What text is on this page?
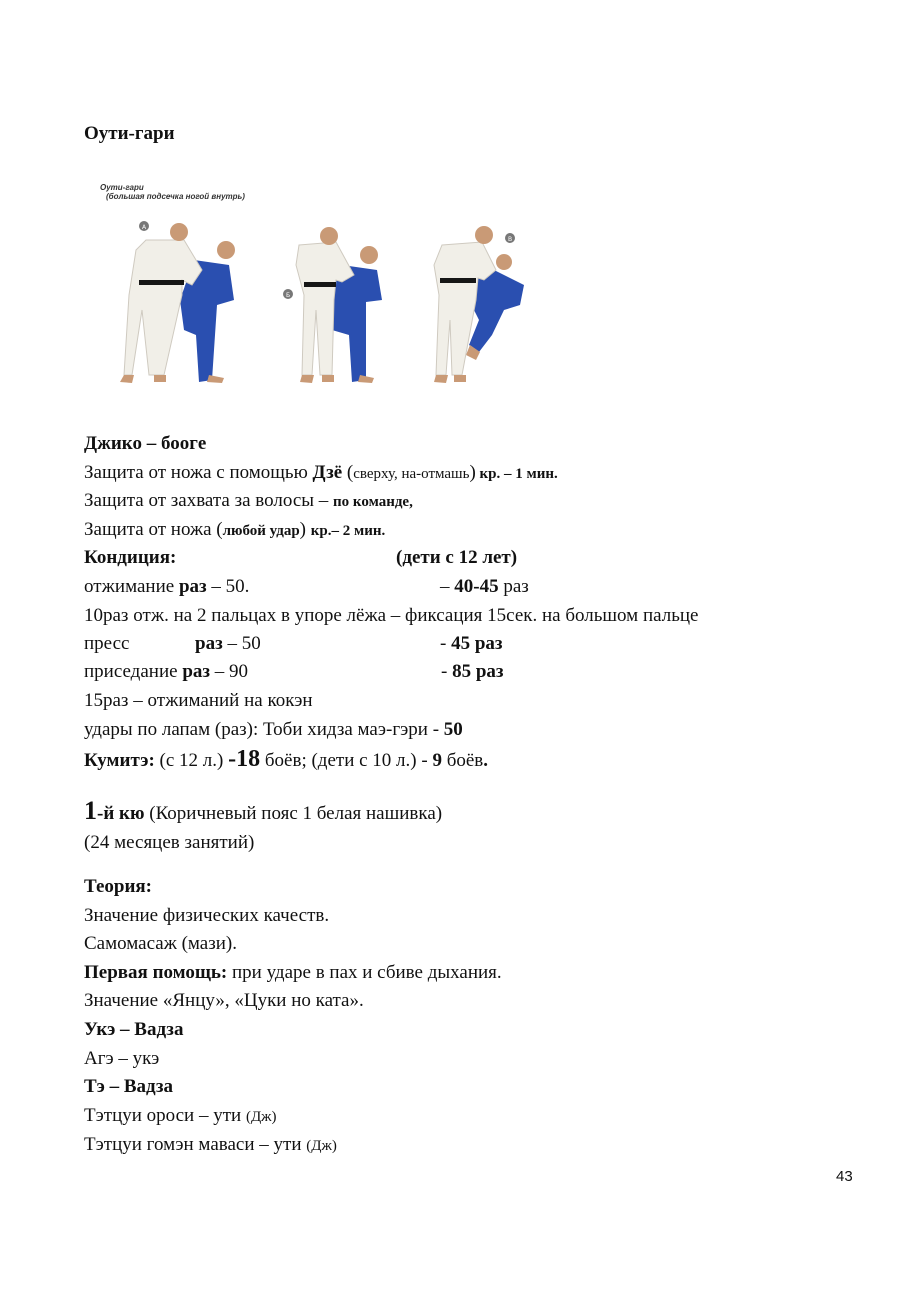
Оути-гари
Оути-гари
(большая подсечка ногой внутрь)
А
Б
В
Джико – боогe
Защита от ножа с помощью Дзё (сверху, на-отмашь) кр. – 1 мин.
Защита от захвата за волосы – по команде,
Защита от ножа (любой удар) кр.– 2 мин.
Кондиция:	(дети с 12 лет)
отжимание раз – 50.	– 40-45 раз
10раз отж. на 2 пальцах в упоре лёжа – фиксация 15сек. на большом пальце
пресс	раз – 50	- 45 раз
приседание раз – 90	- 85 раз
15раз – отжиманий на кокэн
удары по лапам (раз): Тоби хидза маэ-гэри - 50
Кумитэ: (с 12 л.) -18 боёв; (дети с 10 л.) - 9 боёв.
1-й кю (Коричневый пояс 1 белая нашивка)
(24 месяцев занятий)
Теория:
Значение физических качеств.
Самомасаж (мази).
Первая помощь: при ударе в пах и сбиве дыхания.
Значение «Янцу», «Цуки но ката».
Укэ – Вадза
Агэ – укэ
Тэ – Вадза
Тэтцуи ороси – ути (Дж)
Тэтцуи гомэн маваси – ути (Дж)
43
